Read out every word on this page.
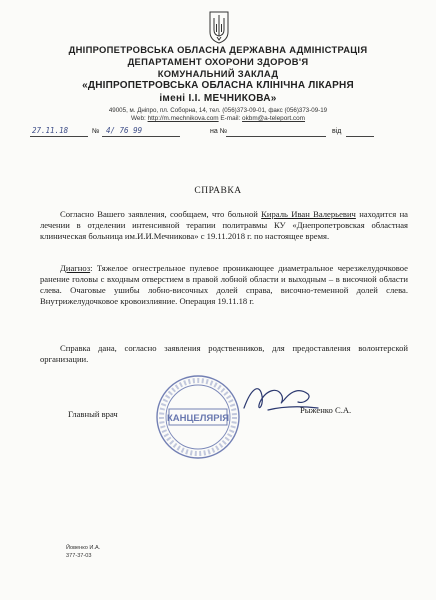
ДНІПРОПЕТРОВСЬКА ОБЛАСНА ДЕРЖАВНА АДМІНІСТРАЦІЯ
ДЕПАРТАМЕНТ ОХОРОНИ ЗДОРОВ'Я
КОМУНАЛЬНИЙ ЗАКЛАД
«ДНІПРОПЕТРОВСЬКА ОБЛАСНА КЛІНІЧНА ЛІКАРНЯ
імені І.І. МЕЧНИКОВА»
49005, м. Дніпро, пл. Соборна, 14, тел. (056)373-09-01, факс (056)373-09-19
Web: http://m.mechnikova.com E-mail: okbm@a-teleport.com
27.11.18	№ 4/ 76 99	на №	від
СПРАВКА
Согласно Вашего заявления, сообщаем, что больной Кираль Иван Валерьевич находится на лечении в отделении интенсивной терапии политравмы КУ «Днепропетровская областная клиническая больница им.И.И.Мечникова» с 19.11.2018 г. по настоящее время.
Диагноз: Тяжелое огнестрельное пулевое проникающее диаметральное черезжелудочковое ранение головы с входным отверстием в правой лобной области и выходным – в височной области слева. Очаговые ушибы лобно-височных долей справа, височно-теменной долей слева. Внутрижелудочковое кровоизлияние. Операция 19.11.18 г.
Справка дана, согласно заявления родственников, для предоставления волонтерской организации.
Главный врач	Рыженко С.А.
КАНЦЕЛЯРІЯ
Йовенко И.А.
377-37-03
